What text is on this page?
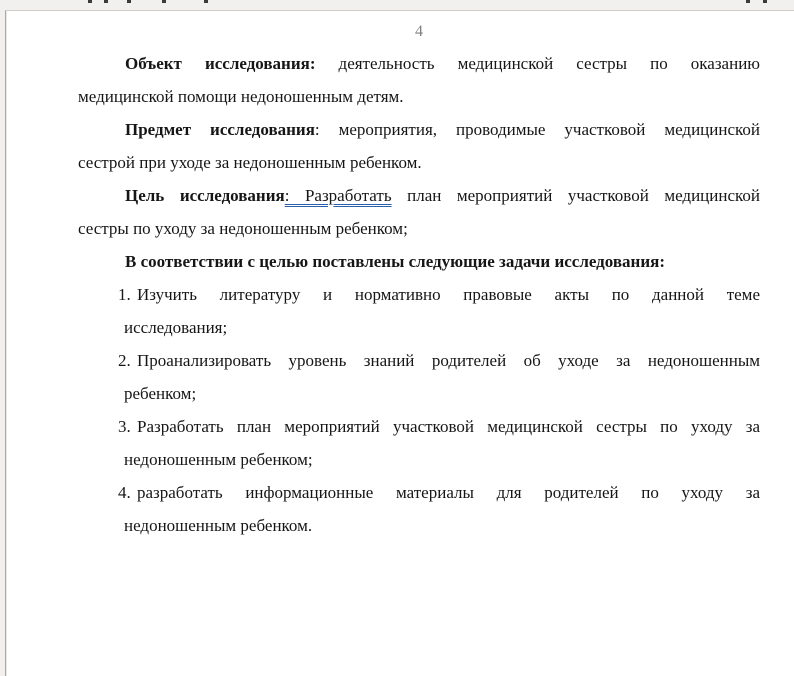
4
Объект исследования: деятельность медицинской сестры по оказанию
медицинской помощи недоношенным детям.
Предмет исследования: мероприятия, проводимые участковой медицинской
сестрой при уходе за недоношенным ребенком.
Цель исследования: Разработать план мероприятий участковой медицинской
сестры по уходу за недоношенным ребенком;
В соответствии с целью поставлены следующие задачи исследования:
1. Изучить литературу и нормативно правовые акты по данной теме
исследования;
2. Проанализировать уровень знаний родителей об уходе за недоношенным
ребенком;
3. Разработать план мероприятий участковой медицинской сестры по уходу за
недоношенным ребенком;
4. разработать информационные материалы для родителей по уходу за
недоношенным ребенком.
